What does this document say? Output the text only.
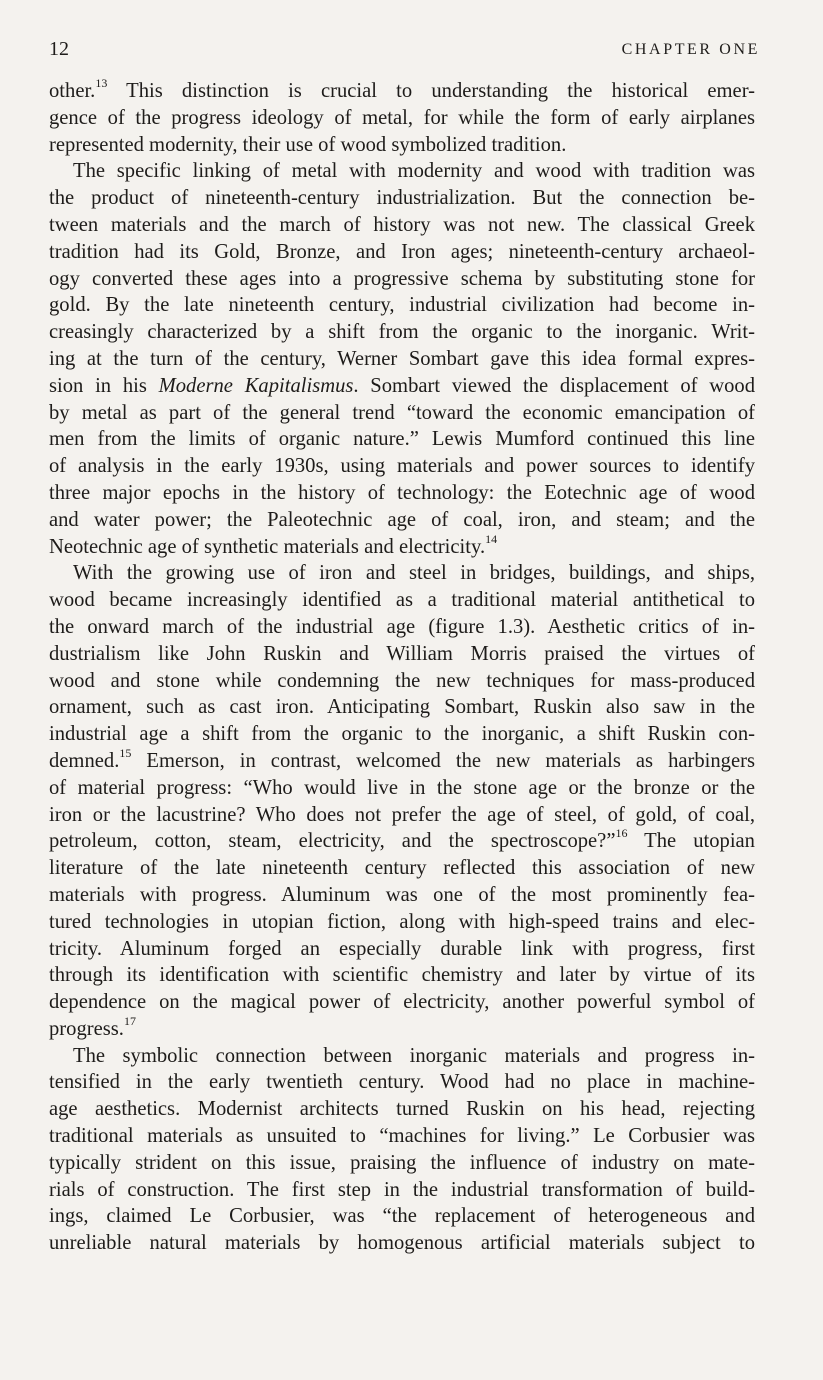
12	CHAPTER ONE
other.$^{13}$ This distinction is crucial to understanding the historical emer-
gence of the progress ideology of metal, for while the form of early airplanes
represented modernity, their use of wood symbolized tradition.
The specific linking of metal with modernity and wood with tradition was
the product of nineteenth-century industrialization. But the connection be-
tween materials and the march of history was not new. The classical Greek
tradition had its Gold, Bronze, and Iron ages; nineteenth-century archaeol-
ogy converted these ages into a progressive schema by substituting stone for
gold. By the late nineteenth century, industrial civilization had become in-
creasingly characterized by a shift from the organic to the inorganic. Writ-
ing at the turn of the century, Werner Sombart gave this idea formal expres-
sion in his Moderne Kapitalismus. Sombart viewed the displacement of wood
by metal as part of the general trend “toward the economic emancipation of
men from the limits of organic nature.” Lewis Mumford continued this line
of analysis in the early 1930s, using materials and power sources to identify
three major epochs in the history of technology: the Eotechnic age of wood
and water power; the Paleotechnic age of coal, iron, and steam; and the
Neotechnic age of synthetic materials and electricity.$^{14}$
With the growing use of iron and steel in bridges, buildings, and ships,
wood became increasingly identified as a traditional material antithetical to
the onward march of the industrial age (figure 1.3). Aesthetic critics of in-
dustrialism like John Ruskin and William Morris praised the virtues of
wood and stone while condemning the new techniques for mass-produced
ornament, such as cast iron. Anticipating Sombart, Ruskin also saw in the
industrial age a shift from the organic to the inorganic, a shift Ruskin con-
demned.$^{15}$ Emerson, in contrast, welcomed the new materials as harbingers
of material progress: “Who would live in the stone age or the bronze or the
iron or the lacustrine? Who does not prefer the age of steel, of gold, of coal,
petroleum, cotton, steam, electricity, and the spectroscope?”$^{16}$ The utopian
literature of the late nineteenth century reflected this association of new
materials with progress. Aluminum was one of the most prominently fea-
tured technologies in utopian fiction, along with high-speed trains and elec-
tricity. Aluminum forged an especially durable link with progress, first
through its identification with scientific chemistry and later by virtue of its
dependence on the magical power of electricity, another powerful symbol of
progress.$^{17}$
The symbolic connection between inorganic materials and progress in-
tensified in the early twentieth century. Wood had no place in machine-
age aesthetics. Modernist architects turned Ruskin on his head, rejecting
traditional materials as unsuited to “machines for living.” Le Corbusier was
typically strident on this issue, praising the influence of industry on mate-
rials of construction. The first step in the industrial transformation of build-
ings, claimed Le Corbusier, was “the replacement of heterogeneous and
unreliable natural materials by homogenous artificial materials subject to
